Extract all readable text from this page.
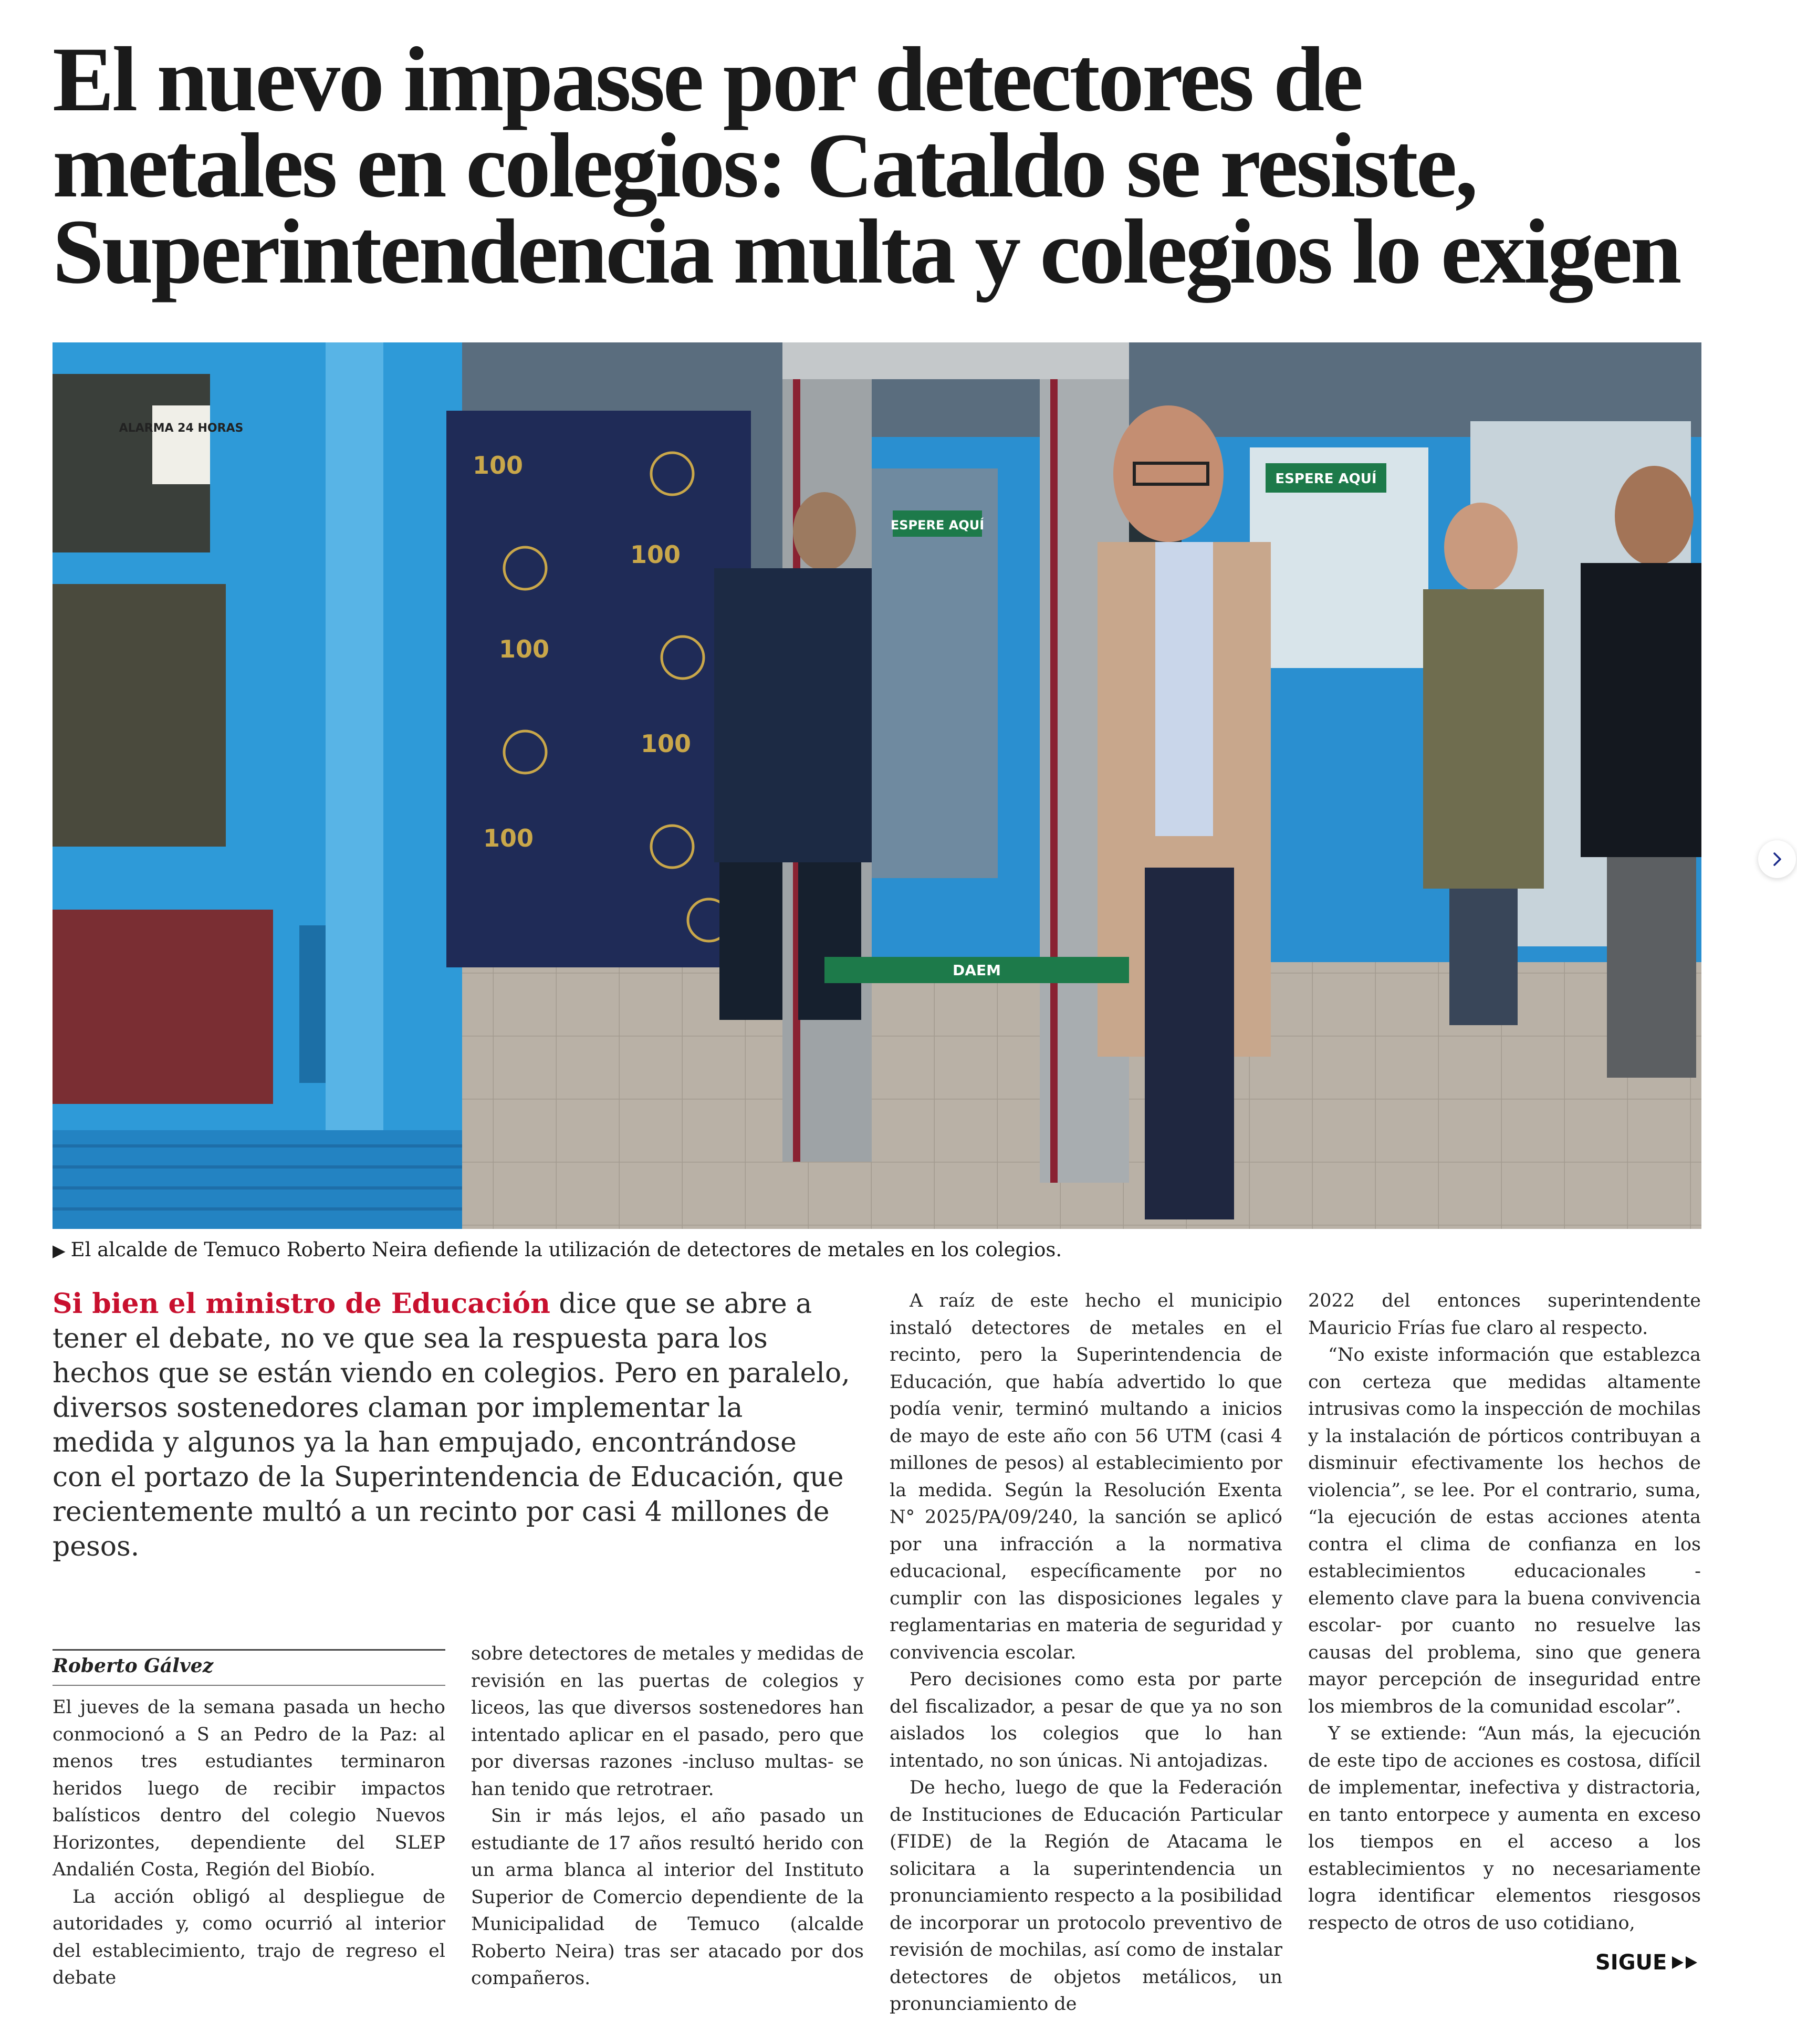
El nuevo impasse por detectores de
metales en colegios: Cataldo se resiste,
Superintendencia multa y colegios lo exigen
ALARMA 24 HORAS
100
100
100
100
100
ESPERE AQUÍ
ESPERE AQUÍ
DAEM

▶ El alcalde de Temuco Roberto Neira defiende la utilización de detectores de metales en los colegios.

Si bien el ministro de Educación dice que se abre a tener el debate, no ve que sea la respuesta para los hechos que se están viendo en colegios. Pero en paralelo, diversos sostenedores claman por implementar la medida y algunos ya la han empujado, encontrándose con el portazo de la Superintendencia de Educación, que recientemente multó a un recinto por casi 4 millones de pesos.

Roberto Gálvez

El jueves de la semana pasada un hecho conmocionó a S an Pedro de la Paz: al menos tres estudiantes terminaron heridos luego de recibir impactos balísticos dentro del colegio Nuevos Horizontes, dependiente del SLEP Andalién Costa, Región del Biobío.

La acción obligó al despliegue de autoridades y, como ocurrió al interior del establecimiento, trajo de regreso el debate

sobre detectores de metales y medidas de revisión en las puertas de colegios y liceos, las que diversos sostenedores han intentado aplicar en el pasado, pero que por diversas razones -incluso multas- se han tenido que retrotraer.

Sin ir más lejos, el año pasado un estudiante de 17 años resultó herido con un arma blanca al interior del Instituto Superior de Comercio dependiente de la Municipalidad de Temuco (alcalde Roberto Neira) tras ser atacado por dos compañeros.

A raíz de este hecho el municipio instaló detectores de metales en el recinto, pero la Superintendencia de Educación, que había advertido lo que podía venir, terminó multando a inicios de mayo de este año con 56 UTM (casi 4 millones de pesos) al establecimiento por la medida. Según la Resolución Exenta N° 2025/PA/09/240, la sanción se aplicó por una infracción a la normativa educacional, específicamente por no cumplir con las disposiciones legales y reglamentarias en materia de seguridad y convivencia escolar.

Pero decisiones como esta por parte del fiscalizador, a pesar de que ya no son aislados los colegios que lo han intentado, no son únicas. Ni antojadizas.

De hecho, luego de que la Federación de Instituciones de Educación Particular (FIDE) de la Región de Atacama le solicitara a la superintendencia un pronunciamiento respecto a la posibilidad de incorporar un protocolo preventivo de revisión de mochilas, así como de instalar detectores de objetos metálicos, un pronunciamiento de

2022 del entonces superintendente Mauricio Frías fue claro al respecto.

“No existe información que establezca con certeza que medidas altamente intrusivas como la inspección de mochilas y la instalación de pórticos contribuyan a disminuir efectivamente los hechos de violencia”, se lee. Por el contrario, suma, “la ejecución de estas acciones atenta contra el clima de confianza en los establecimientos educacionales -elemento clave para la buena convivencia escolar- por cuanto no resuelve las causas del problema, sino que genera mayor percepción de inseguridad entre los miembros de la comunidad escolar”.

Y se extiende: “Aun más, la ejecución de este tipo de acciones es costosa, difícil de implementar, inefectiva y distractoria, en tanto entorpece y aumenta en exceso los tiempos en el acceso a los establecimientos y no necesariamente logra identificar elementos riesgosos respecto de otros de uso cotidiano,

SIGUE
